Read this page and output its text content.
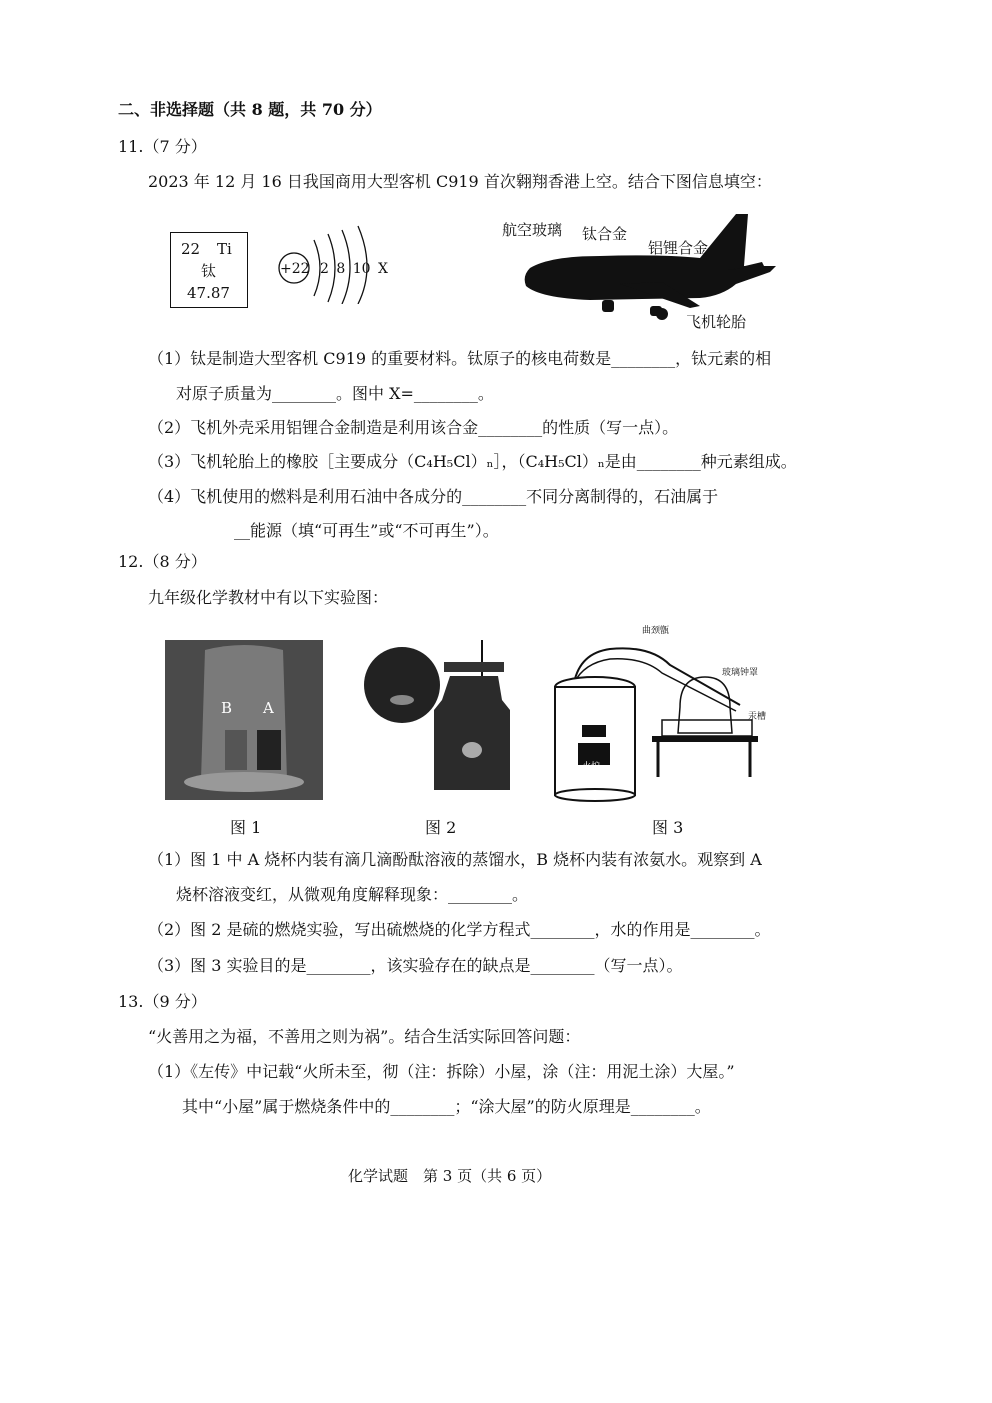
二、非选择题（共 8 题，共 70 分）
11.（7 分）
2023 年 12 月 16 日我国商用大型客机 C919 首次翱翔香港上空。结合下图信息填空：
22 Ti
钛
47.87
+22 2 8 10 X
航空玻璃 钛合金
铝锂合金
飞机轮胎
（1）钛是制造大型客机 C919 的重要材料。钛原子的核电荷数是________，钛元素的相
对原子质量为________。图中 X=________。
（2）飞机外壳采用铝锂合金制造是利用该合金________的性质（写一点）。
（3）飞机轮胎上的橡胶［主要成分（C₄H₅Cl）ₙ］，（C₄H₅Cl）ₙ是由________种元素组成。
（4）飞机使用的燃料是利用石油中各成分的________不同分离制得的，石油属于
__能源（填“可再生”或“不可再生”）。
12.（8 分）
九年级化学教材中有以下实验图：
B A
曲颈甑
玻璃钟罩
汞槽
火炉
图 1	图 2	图 3
（1）图 1 中 A 烧杯内装有滴几滴酚酞溶液的蒸馏水，B 烧杯内装有浓氨水。观察到 A
烧杯溶液变红，从微观角度解释现象：________。
（2）图 2 是硫的燃烧实验，写出硫燃烧的化学方程式________，水的作用是________。
（3）图 3 实验目的是________，该实验存在的缺点是________（写一点）。
13.（9 分）
“火善用之为福，不善用之则为祸”。结合生活实际回答问题：
（1）《左传》中记载“火所未至，彻（注：拆除）小屋，涂（注：用泥土涂）大屋。”
其中“小屋”属于燃烧条件中的________；“涂大屋”的防火原理是________。
化学试题　第 3 页（共 6 页）
